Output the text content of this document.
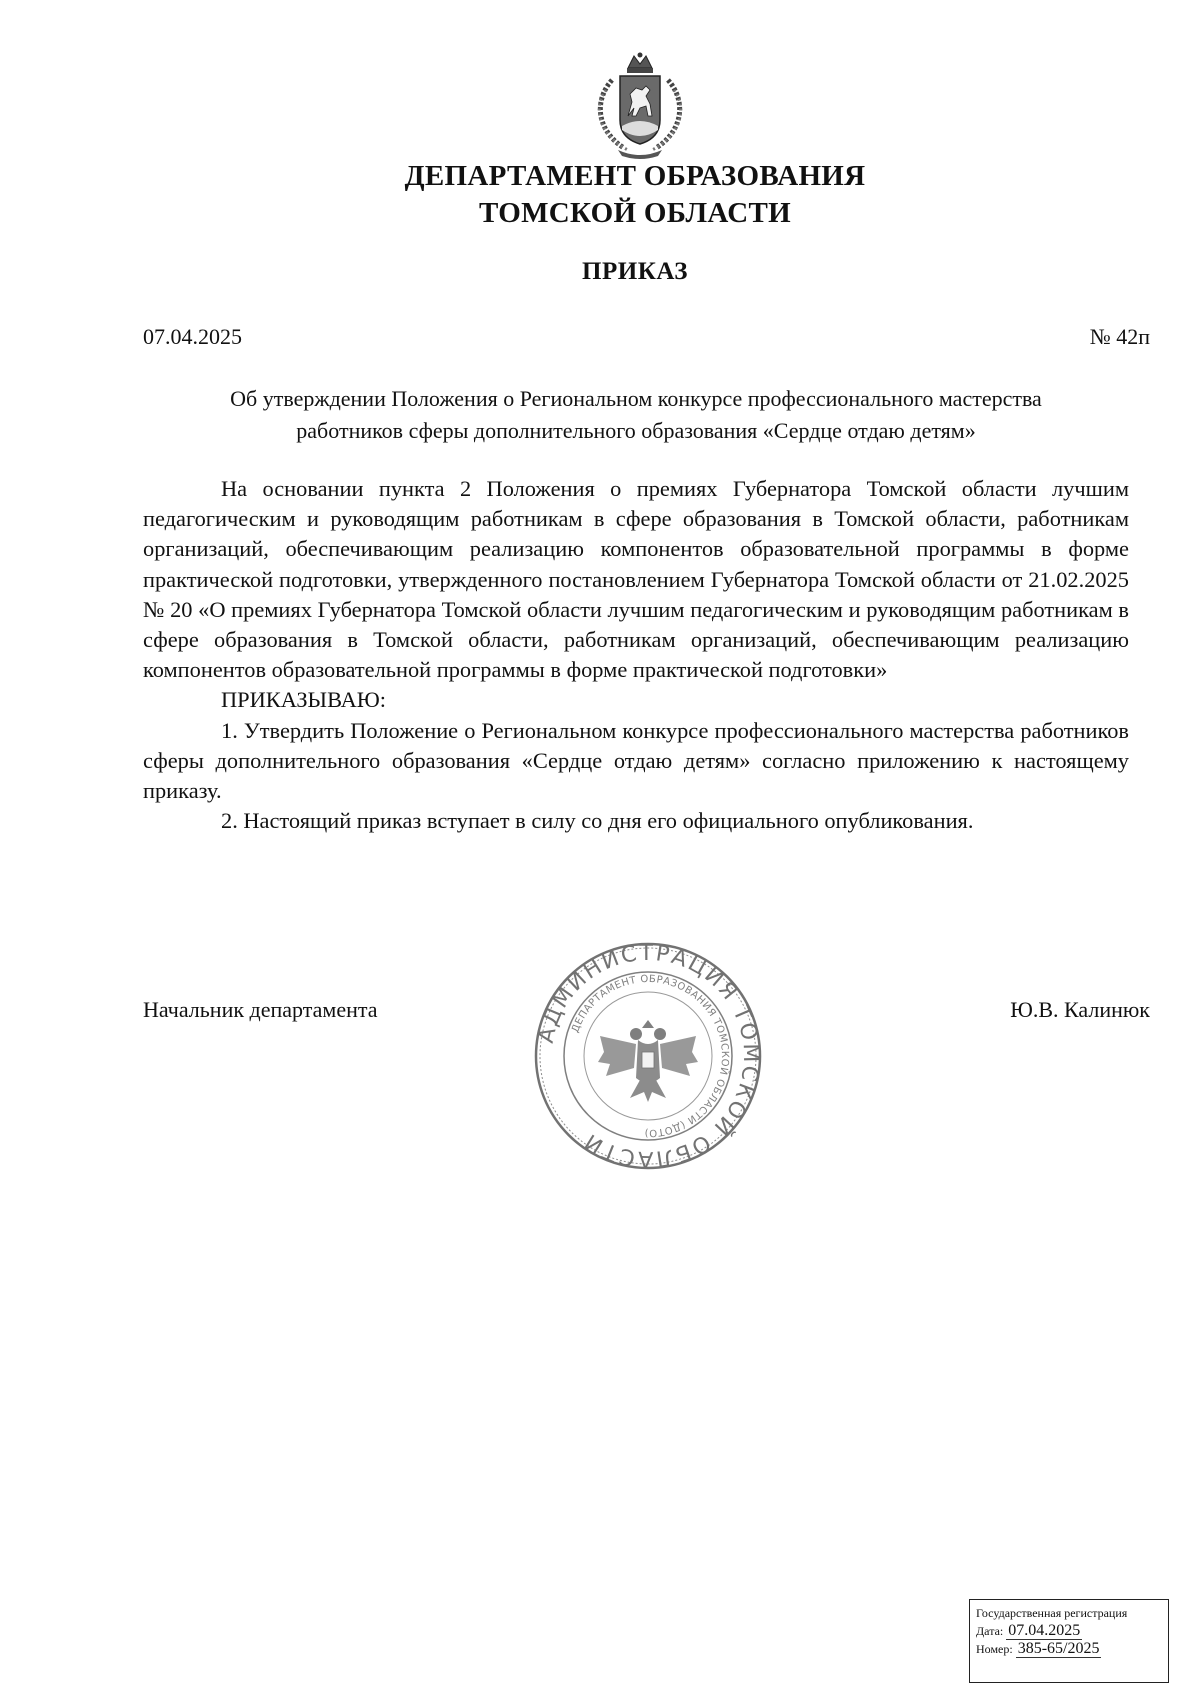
ДЕПАРТАМЕНТ ОБРАЗОВАНИЯ
ТОМСКОЙ ОБЛАСТИ
ПРИКАЗ
07.04.2025	№ 42п
Об утверждении Положения о Региональном конкурсе профессионального мастерства
работников сферы дополнительного образования «Сердце отдаю детям»

На основании пункта 2 Положения о премиях Губернатора Томской области лучшим педагогическим и руководящим работникам в сфере образования в Томской области, работникам организаций, обеспечивающим реализацию компонентов образовательной программы в форме практической подготовки, утвержденного постановлением Губернатора Томской области от 21.02.2025 № 20 «О премиях Губернатора Томской области лучшим педагогическим и руководящим работникам в сфере образования в Томской области, работникам организаций, обеспечивающим реализацию компонентов образовательной программы в форме практической подготовки»

ПРИКАЗЫВАЮ:

1. Утвердить Положение о Региональном конкурсе профессионального мастерства работников сферы дополнительного образования «Сердце отдаю детям» согласно приложению к настоящему приказу.

2. Настоящий приказ вступает в силу со дня его официального опубликования.

Начальник департамента	Ю.В. Калинюк
АДМИНИСТРАЦИЯ ТОМСКОЙ ОБЛАСТИ
ДЕПАРТАМЕНТ ОБРАЗОВАНИЯ ТОМСКОЙ ОБЛАСТИ (ДОТО)
Государственная регистрация
Дата: 07.04.2025
Номер: 385-65/2025
